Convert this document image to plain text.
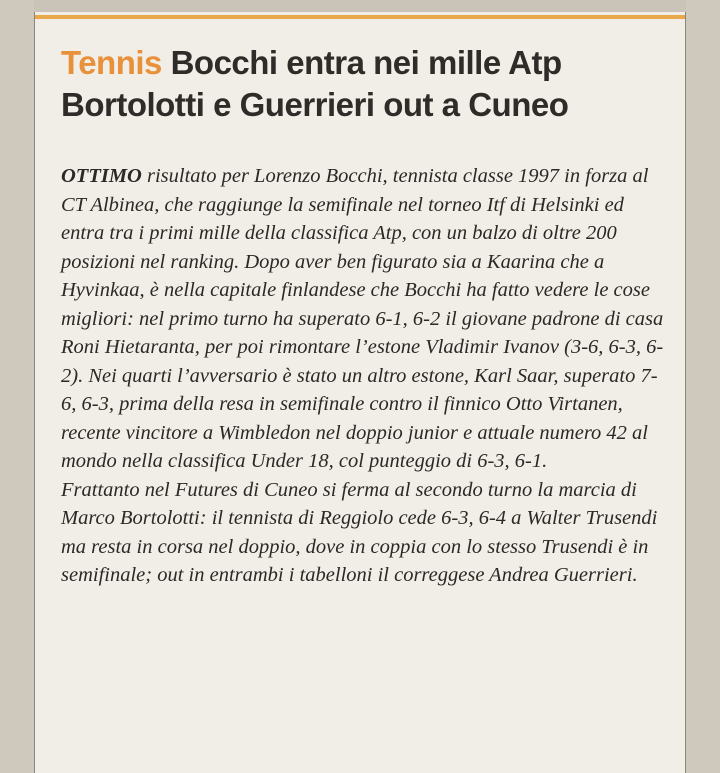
Tennis Bocchi entra nei mille Atp
Bortolotti e Guerrieri out a Cuneo

OTTIMO risultato per Lorenzo Bocchi, tennista classe 1997 in forza al CT Albinea, che raggiunge la semifinale nel torneo Itf di Helsinki ed entra tra i primi mille della classifica Atp, con un balzo di oltre 200 posizioni nel ranking. Dopo aver ben figurato sia a Kaarina che a Hyvinkaa, è nella capitale finlandese che Bocchi ha fatto vedere le cose migliori: nel primo turno ha superato 6-1, 6-2 il giovane padrone di casa Roni Hietaranta, per poi rimontare l’estone Vladimir Ivanov (3-6, 6-3, 6-2). Nei quarti l’avversario è stato un altro estone, Karl Saar, superato 7-6, 6-3, prima della resa in semifinale contro il finnico Otto Virtanen, recente vincitore a Wimbledon nel doppio junior e attuale numero 42 al mondo nella classifica Under 18, col punteggio di 6-3, 6-1.

Frattanto nel Futures di Cuneo si ferma al secondo turno la marcia di Marco Bortolotti: il tennista di Reggiolo cede 6-3, 6-4 a Walter Trusendi ma resta in corsa nel doppio, dove in coppia con lo stesso Trusendi è in semifinale; out in entrambi i tabelloni il correggese Andrea Guerrieri.
